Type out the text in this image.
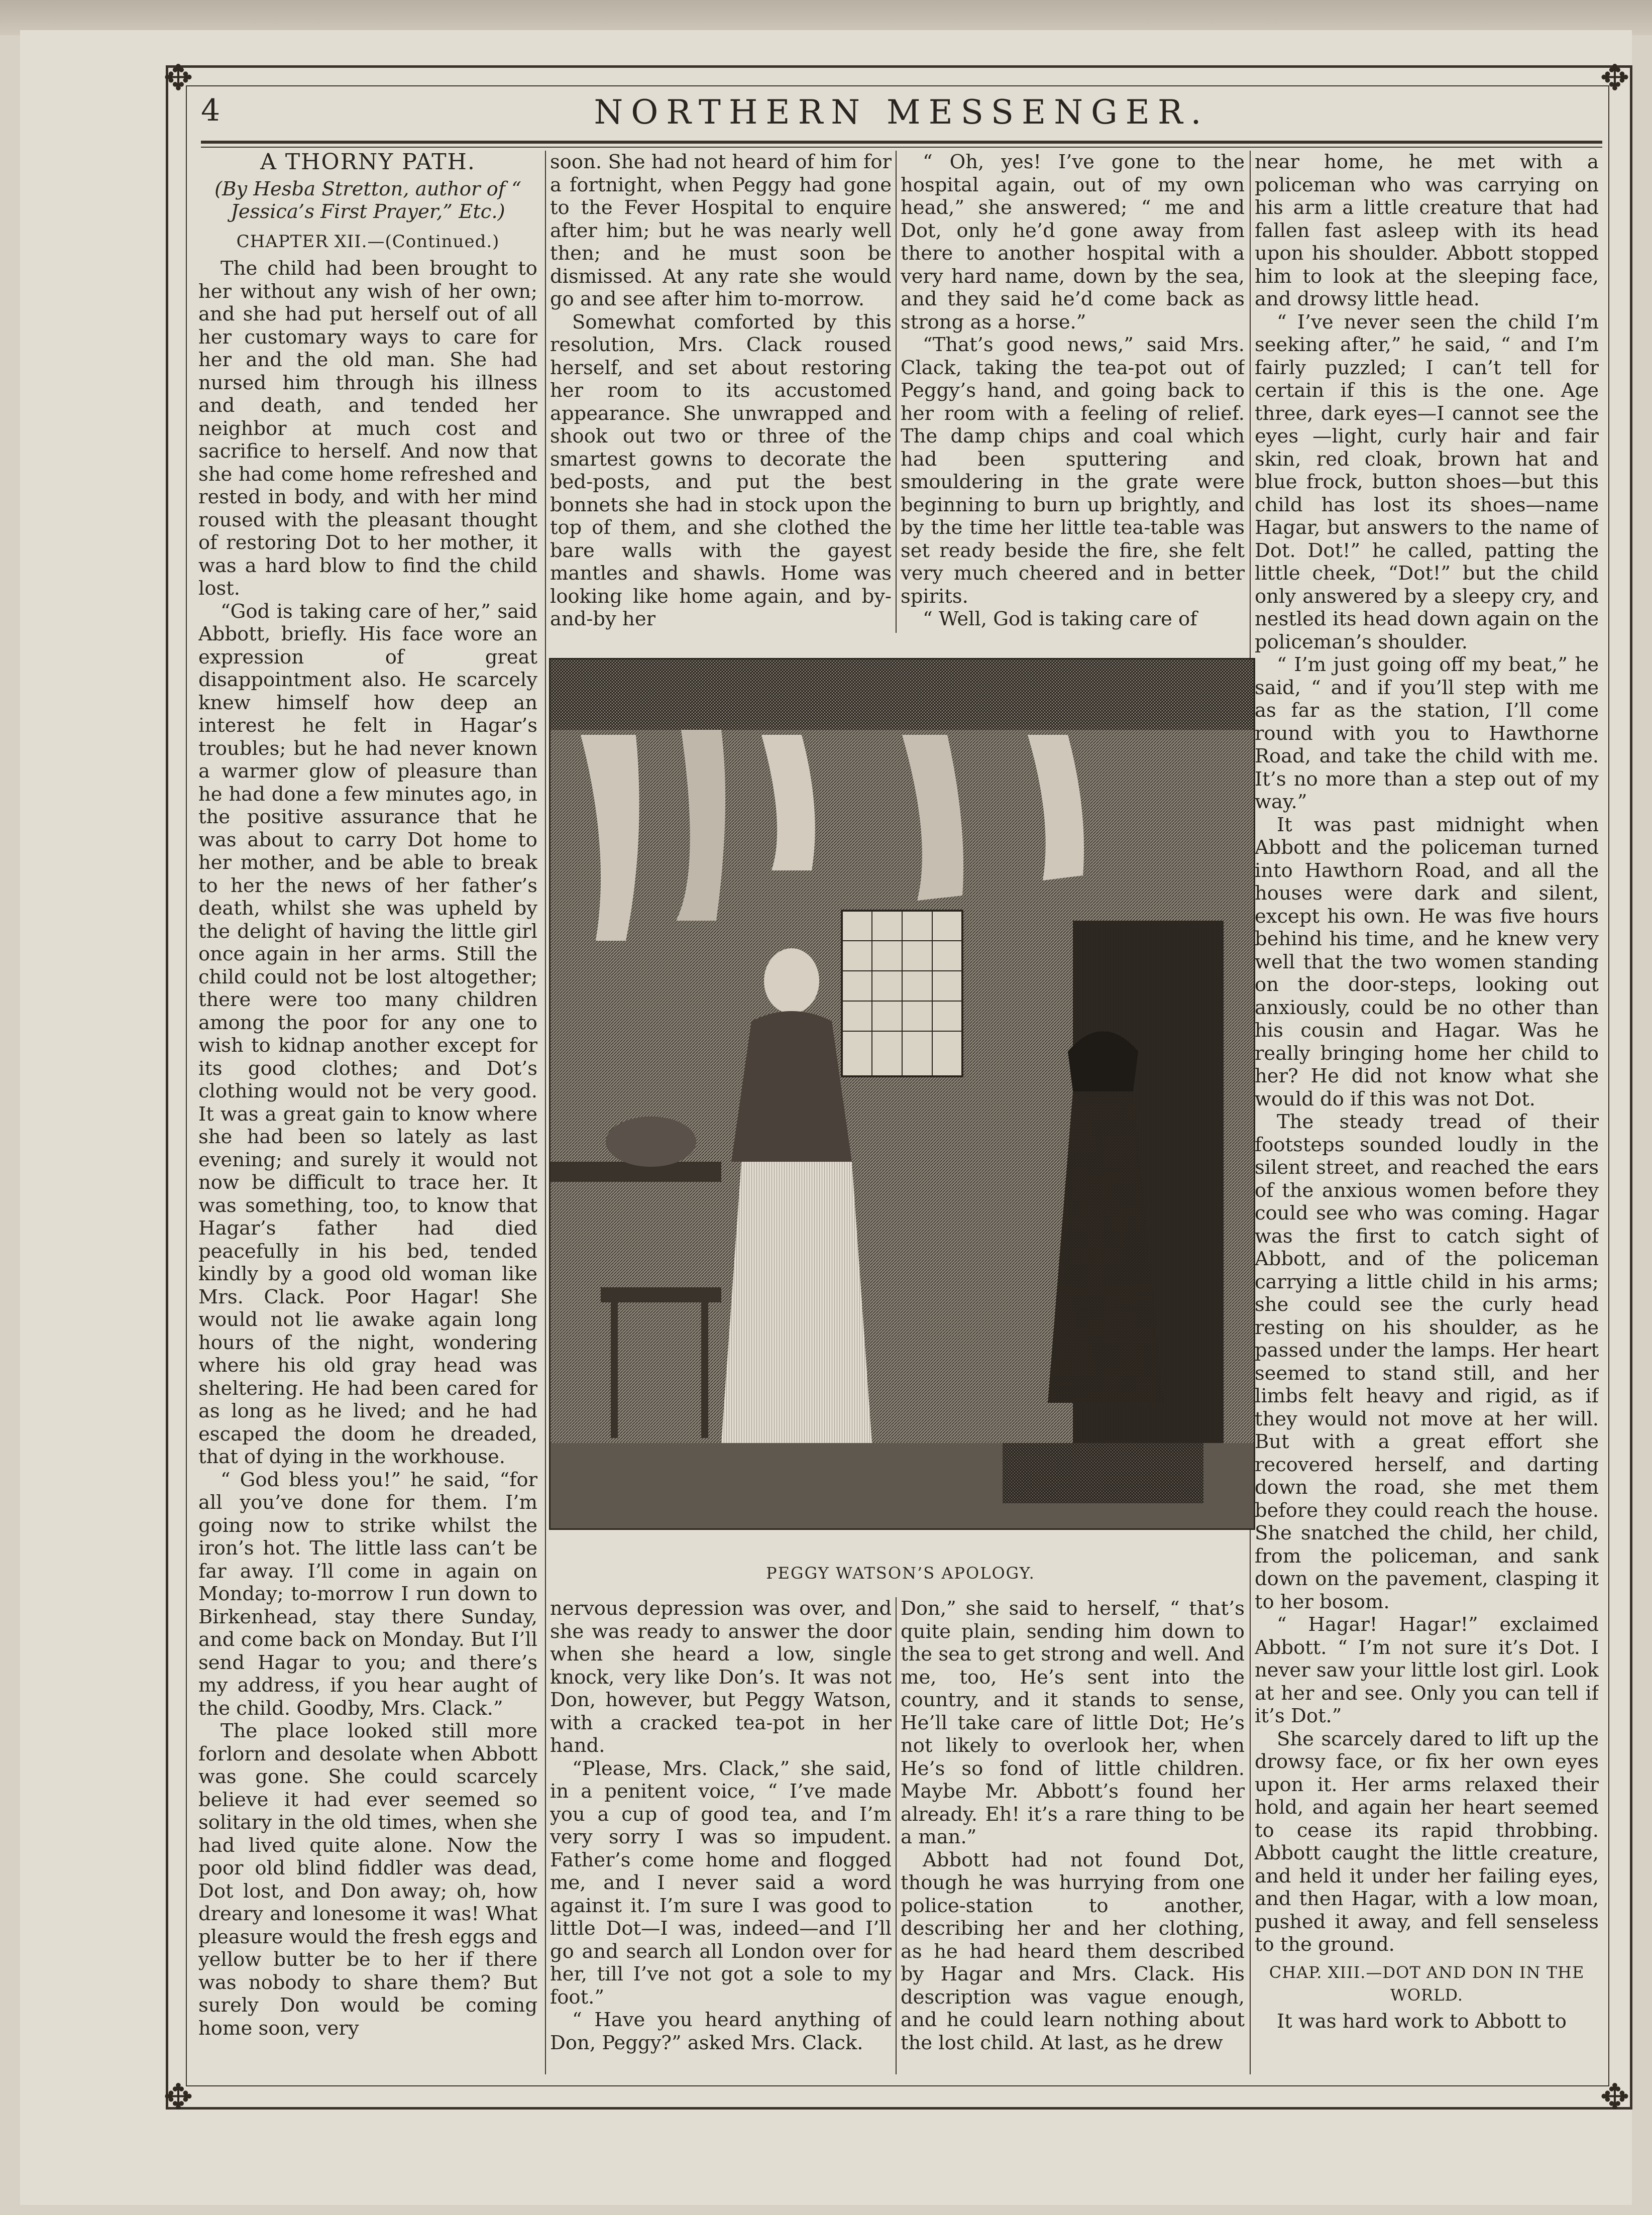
✥	✥
✥	✥
4	NORTHERN MESSENGER.
A THORNY PATH.

(By Hesba Stretton, author of “ Jessica’s First Prayer,” Etc.)

CHAPTER XII.—(Continued.)

The child had been brought to her without any wish of her own; and she had put herself out of all her customary ways to care for her and the old man. She had nursed him through his illness and death, and tended her neighbor at much cost and sacrifice to herself. And now that she had come home refreshed and rested in body, and with her mind roused with the pleasant thought of restoring Dot to her mother, it was a hard blow to find the child lost.

“God is taking care of her,” said Abbott, briefly. His face wore an expression of great disappointment also. He scarcely knew himself how deep an interest he felt in Hagar’s troubles; but he had never known a warmer glow of pleasure than he had done a few minutes ago, in the positive assurance that he was about to carry Dot home to her mother, and be able to break to her the news of her father’s death, whilst she was upheld by the delight of having the little girl once again in her arms. Still the child could not be lost altogether; there were too many children among the poor for any one to wish to kidnap another except for its good clothes; and Dot’s clothing would not be very good. It was a great gain to know where she had been so lately as last evening; and surely it would not now be difficult to trace her. It was something, too, to know that Hagar’s father had died peacefully in his bed, tended kindly by a good old woman like Mrs. Clack. Poor Hagar! She would not lie awake again long hours of the night, wondering where his old gray head was sheltering. He had been cared for as long as he lived; and he had escaped the doom he dreaded, that of dying in the workhouse.

“ God bless you!” he said, “for all you’ve done for them. I’m going now to strike whilst the iron’s hot. The little lass can’t be far away. I’ll come in again on Monday; to-morrow I run down to Birkenhead, stay there Sunday, and come back on Monday. But I’ll send Hagar to you; and there’s my address, if you hear aught of the child. Goodby, Mrs. Clack.”

The place looked still more forlorn and desolate when Abbott was gone. She could scarcely believe it had ever seemed so solitary in the old times, when she had lived quite alone. Now the poor old blind fiddler was dead, Dot lost, and Don away; oh, how dreary and lonesome it was! What pleasure would the fresh eggs and yellow butter be to her if there was nobody to share them? But surely Don would be coming home soon, very

soon. She had not heard of him for a fortnight, when Peggy had gone to the Fever Hospital to enquire after him; but he was nearly well then; and he must soon be dismissed. At any rate she would go and see after him to-morrow.

Somewhat comforted by this resolution, Mrs. Clack roused herself, and set about restoring her room to its accustomed appearance. She unwrapped and shook out two or three of the smartest gowns to decorate the bed-posts, and put the best bonnets she had in stock upon the top of them, and she clothed the bare walls with the gayest mantles and shawls. Home was looking like home again, and by-and-by her

“ Oh, yes! I’ve gone to the hospital again, out of my own head,” she answered; “ me and Dot, only he’d gone away from there to another hospital with a very hard name, down by the sea, and they said he’d come back as strong as a horse.”

“That’s good news,” said Mrs. Clack, taking the tea-pot out of Peggy’s hand, and going back to her room with a feeling of relief. The damp chips and coal which had been sputtering and smouldering in the grate were beginning to burn up brightly, and by the time her little tea-table was set ready beside the fire, she felt very much cheered and in better spirits.

“ Well, God is taking care of

PEGGY WATSON’S APOLOGY.

nervous depression was over, and she was ready to answer the door when she heard a low, single knock, very like Don’s. It was not Don, however, but Peggy Watson, with a cracked tea-pot in her hand.

“Please, Mrs. Clack,” she said, in a penitent voice, “ I’ve made you a cup of good tea, and I’m very sorry I was so impudent. Father’s come home and flogged me, and I never said a word against it. I’m sure I was good to little Dot—I was, indeed—and I’ll go and search all London over for her, till I’ve not got a sole to my foot.”

“ Have you heard anything of Don, Peggy?” asked Mrs. Clack.

Don,” she said to herself, “ that’s quite plain, sending him down to the sea to get strong and well. And me, too, He’s sent into the country, and it stands to sense, He’ll take care of little Dot; He’s not likely to overlook her, when He’s so fond of little children. Maybe Mr. Abbott’s found her already. Eh! it’s a rare thing to be a man.”

Abbott had not found Dot, though he was hurrying from one police-station to another, describing her and her clothing, as he had heard them described by Hagar and Mrs. Clack. His description was vague enough, and he could learn nothing about the lost child. At last, as he drew

near home, he met with a policeman who was carrying on his arm a little creature that had fallen fast asleep with its head upon his shoulder. Abbott stopped him to look at the sleeping face, and drowsy little head.

“ I’ve never seen the child I’m seeking after,” he said, “ and I’m fairly puzzled; I can’t tell for certain if this is the one. Age three, dark eyes—I cannot see the eyes —light, curly hair and fair skin, red cloak, brown hat and blue frock, button shoes—but this child has lost its shoes—name Hagar, but answers to the name of Dot. Dot!” he called, patting the little cheek, “Dot!” but the child only answered by a sleepy cry, and nestled its head down again on the policeman’s shoulder.

“ I’m just going off my beat,” he said, “ and if you’ll step with me as far as the station, I’ll come round with you to Hawthorne Road, and take the child with me. It’s no more than a step out of my way.”

It was past midnight when Abbott and the policeman turned into Hawthorn Road, and all the houses were dark and silent, except his own. He was five hours behind his time, and he knew very well that the two women standing on the door-steps, looking out anxiously, could be no other than his cousin and Hagar. Was he really bringing home her child to her? He did not know what she would do if this was not Dot.

The steady tread of their footsteps sounded loudly in the silent street, and reached the ears of the anxious women before they could see who was coming. Hagar was the first to catch sight of Abbott, and of the policeman carrying a little child in his arms; she could see the curly head resting on his shoulder, as he passed under the lamps. Her heart seemed to stand still, and her limbs felt heavy and rigid, as if they would not move at her will. But with a great effort she recovered herself, and darting down the road, she met them before they could reach the house. She snatched the child, her child, from the policeman, and sank down on the pavement, clasping it to her bosom.

“ Hagar! Hagar!” exclaimed Abbott. “ I’m not sure it’s Dot. I never saw your little lost girl. Look at her and see. Only you can tell if it’s Dot.”

She scarcely dared to lift up the drowsy face, or fix her own eyes upon it. Her arms relaxed their hold, and again her heart seemed to cease its rapid throbbing. Abbott caught the little creature, and held it under her failing eyes, and then Hagar, with a low moan, pushed it away, and fell senseless to the ground.

CHAP. XIII.—DOT AND DON IN THE WORLD.

It was hard work to Abbott to
